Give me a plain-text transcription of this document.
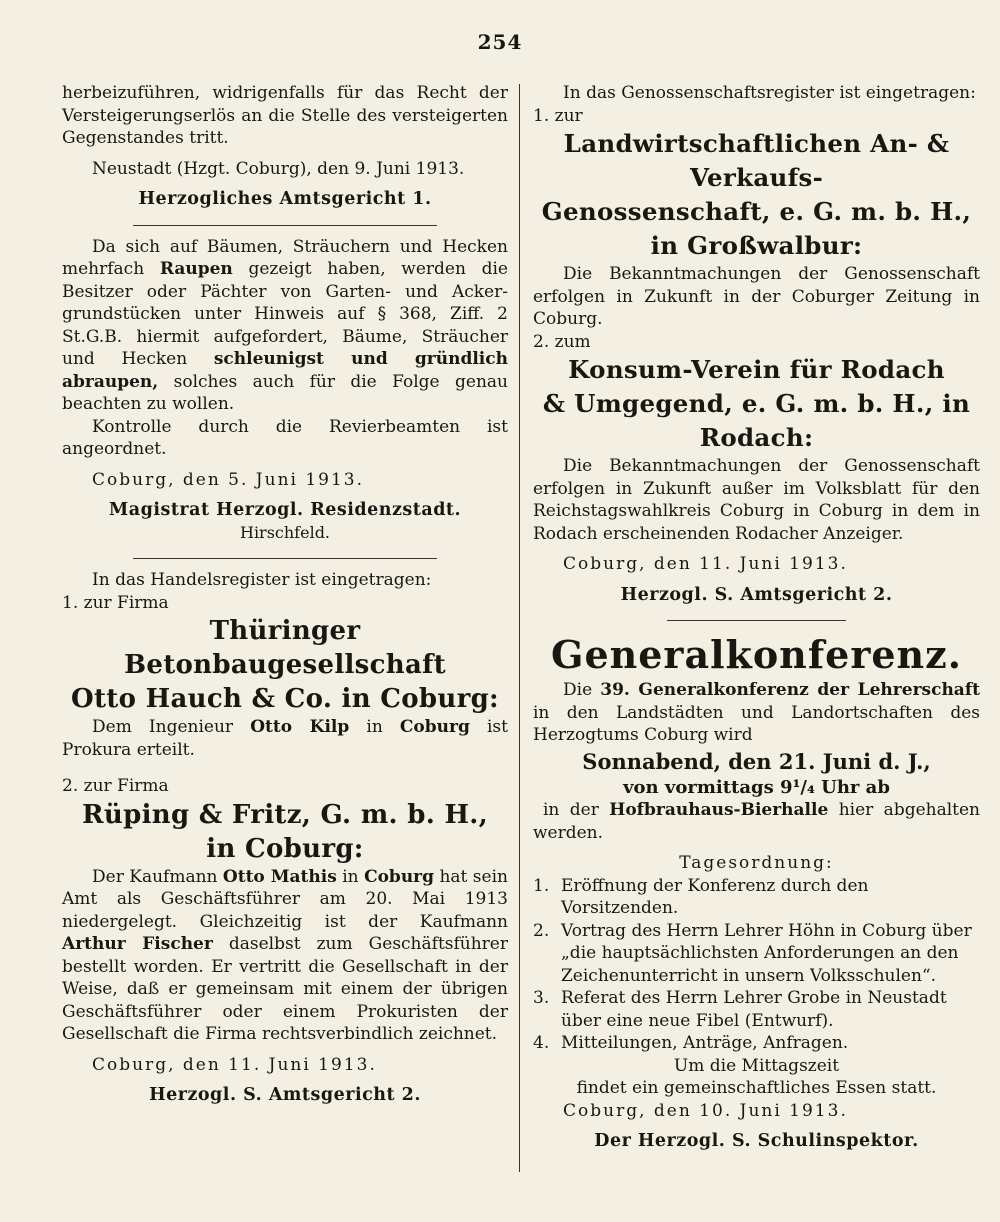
254

herbeizuführen, widrigenfalls für das Recht der Versteigerungserlös an die Stelle des versteigerten Gegenstandes tritt.

Neustadt (Hzgt. Coburg), den 9. Juni 1913.

Herzogliches Amtsgericht 1.

Da sich auf Bäumen, Sträuchern und Hecken mehrfach Raupen gezeigt haben, werden die Besitzer oder Pächter von Garten- und Acker-grundstücken unter Hinweis auf § 368, Ziff. 2 St.G.B. hiermit aufgefordert, Bäume, Sträucher und Hecken schleunigst und gründlich abraupen, solches auch für die Folge genau beachten zu wollen.

Kontrolle durch die Revierbeamten ist angeordnet.

Coburg, den 5. Juni 1913.

Magistrat Herzogl. Residenzstadt.

Hirschfeld.

In das Handelsregister ist eingetragen:

1. zur Firma

Thüringer Betonbaugesellschaft

Otto Hauch & Co. in Coburg:

Dem Ingenieur Otto Kilp in Coburg ist Prokura erteilt.

2. zur Firma

Rüping & Fritz, G. m. b. H.,

in Coburg:

Der Kaufmann Otto Mathis in Coburg hat sein Amt als Geschäftsführer am 20. Mai 1913 niedergelegt. Gleichzeitig ist der Kaufmann Arthur Fischer daselbst zum Geschäftsführer bestellt worden. Er vertritt die Gesellschaft in der Weise, daß er gemeinsam mit einem der übrigen Geschäftsführer oder einem Prokuristen der Gesellschaft die Firma rechtsverbindlich zeichnet.

Coburg, den 11. Juni 1913.

Herzogl. S. Amtsgericht 2.

In das Genossenschaftsregister ist eingetragen:

1. zur

Landwirtschaftlichen An- & Verkaufs-

Genossenschaft, e. G. m. b. H.,

in Großwalbur:

Die Bekanntmachungen der Genossenschaft erfolgen in Zukunft in der Coburger Zeitung in Coburg.

2. zum

Konsum-Verein für Rodach

& Umgegend, e. G. m. b. H., in Rodach:

Die Bekanntmachungen der Genossenschaft erfolgen in Zukunft außer im Volksblatt für den Reichstagswahlkreis Coburg in Coburg in dem in Rodach erscheinenden Rodacher Anzeiger.

Coburg, den 11. Juni 1913.

Herzogl. S. Amtsgericht 2.

Generalkonferenz.

Die 39. Generalkonferenz der Lehrerschaft in den Landstädten und Landortschaften des Herzogtums Coburg wird

Sonnabend, den 21. Juni d. J.,

von vormittags 9¹/₄ Uhr ab

in der Hofbrauhaus-Bierhalle hier abgehalten werden.

Tagesordnung:

1. Eröffnung der Konferenz durch den Vorsitzenden.
2. Vortrag des Herrn Lehrer Höhn in Coburg über „die hauptsächlichsten Anforderungen an den Zeichenunterricht in unsern Volksschulen“.
3. Referat des Herrn Lehrer Grobe in Neustadt über eine neue Fibel (Entwurf).
4. Mitteilungen, Anträge, Anfragen.

Um die Mittagszeit

findet ein gemeinschaftliches Essen statt.

Coburg, den 10. Juni 1913.

Der Herzogl. S. Schulinspektor.
